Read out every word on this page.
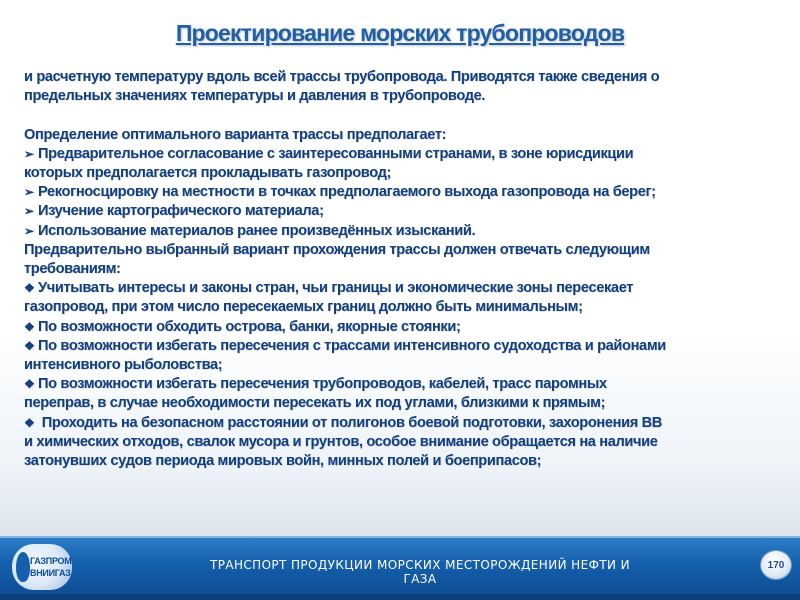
Проектирование морских трубопроводов
и расчетную температуру вдоль всей трассы трубопровода. Приводятся также сведения о
предельных значениях температуры и давления в трубопроводе.
Определение оптимального варианта трассы предполагает:
➢ Предварительное согласование с заинтересованными странами, в зоне юрисдикции
которых предполагается прокладывать газопровод;
➢ Рекогносцировку на местности в точках предполагаемого выхода газопровода на берег;
➢ Изучение картографического материала;
➢ Использование материалов ранее произведённых изысканий.
Предварительно выбранный вариант прохождения трассы должен отвечать следующим
требованиям:
❖ Учитывать интересы и законы стран, чьи границы и экономические зоны пересекает
газопровод, при этом число пересекаемых границ должно быть минимальным;
❖ По возможности обходить острова, банки, якорные стоянки;
❖ По возможности избегать пересечения с трассами интенсивного судоходства и районами
интенсивного рыболовства;
❖ По возможности избегать пересечения трубопроводов, кабелей, трасс паромных
переправ, в случае необходимости пересекать их под углами, близкими к прямым;
❖ Проходить на безопасном расстоянии от полигонов боевой подготовки, захоронения ВВ
и химических отходов, свалок мусора и грунтов, особое внимание обращается на наличие
затонувших судов периода мировых войн, минных полей и боеприпасов;
ГАЗПРОМ
ВНИИГАЗ
ТРАНСПОРТ ПРОДУКЦИИ МОРСКИХ МЕСТОРОЖДЕНИЙ НЕФТИ И ГАЗА
170
